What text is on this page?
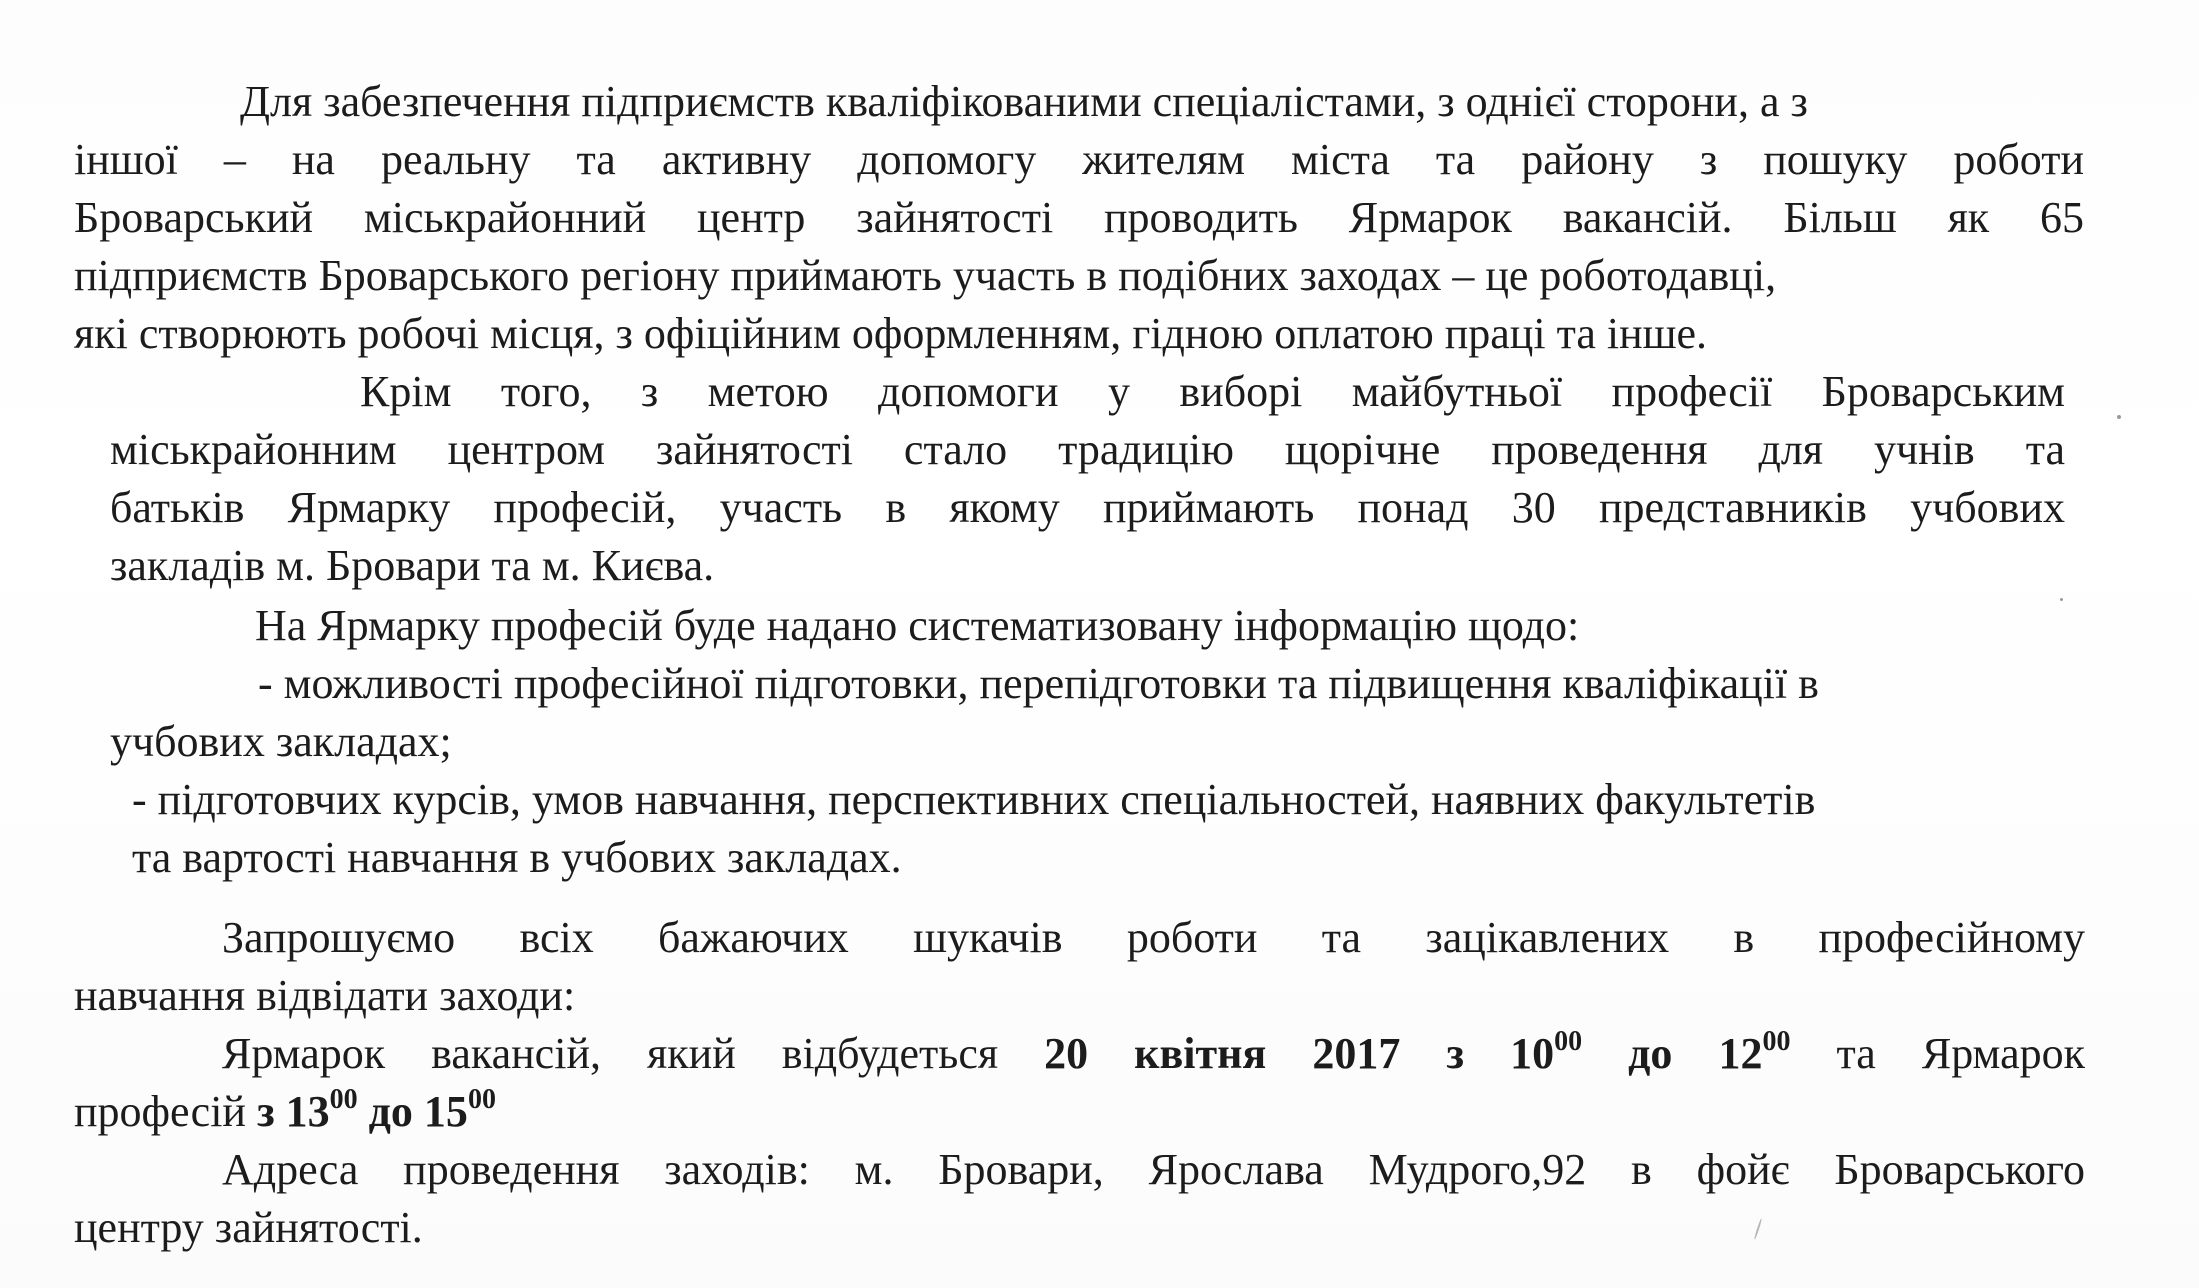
Для забезпечення підприємств кваліфікованими спеціалістами, з однієї сторони, а з
іншої – на реальну та активну допомогу жителям міста та району з пошуку роботи
Броварський міськрайонний центр зайнятості проводить Ярмарок вакансій. Більш як 65
підприємств Броварського регіону приймають участь в подібних заходах – це роботодавці,
які створюють робочі місця, з офіційним оформленням, гідною оплатою праці та інше.
Крім того, з метою допомоги у виборі майбутньої професії Броварським
міськрайонним центром зайнятості стало традицію щорічне проведення для учнів та
батьків Ярмарку професій, участь в якому приймають понад 30 представників учбових
закладів м. Бровари та м. Києва.
На Ярмарку професій буде надано систематизовану інформацію щодо:
- можливості професійної підготовки, перепідготовки та підвищення кваліфікації в
учбових закладах;
- підготовчих курсів, умов навчання, перспективних спеціальностей, наявних факультетів
та вартості навчання в учбових закладах.
Запрошуємо всіх бажаючих шукачів роботи та зацікавлених в професійному
навчання відвідати заходи:
Ярмарок вакансій, який відбудеться 20 квітня 2017 з $10^{00}$ до $12^{00}$ та Ярмарок
професій з $13^{00}$ до $15^{00}$
Адреса проведення заходів: м. Бровари, Ярослава Мудрого,92 в фойє Броварського
центру зайнятості.
